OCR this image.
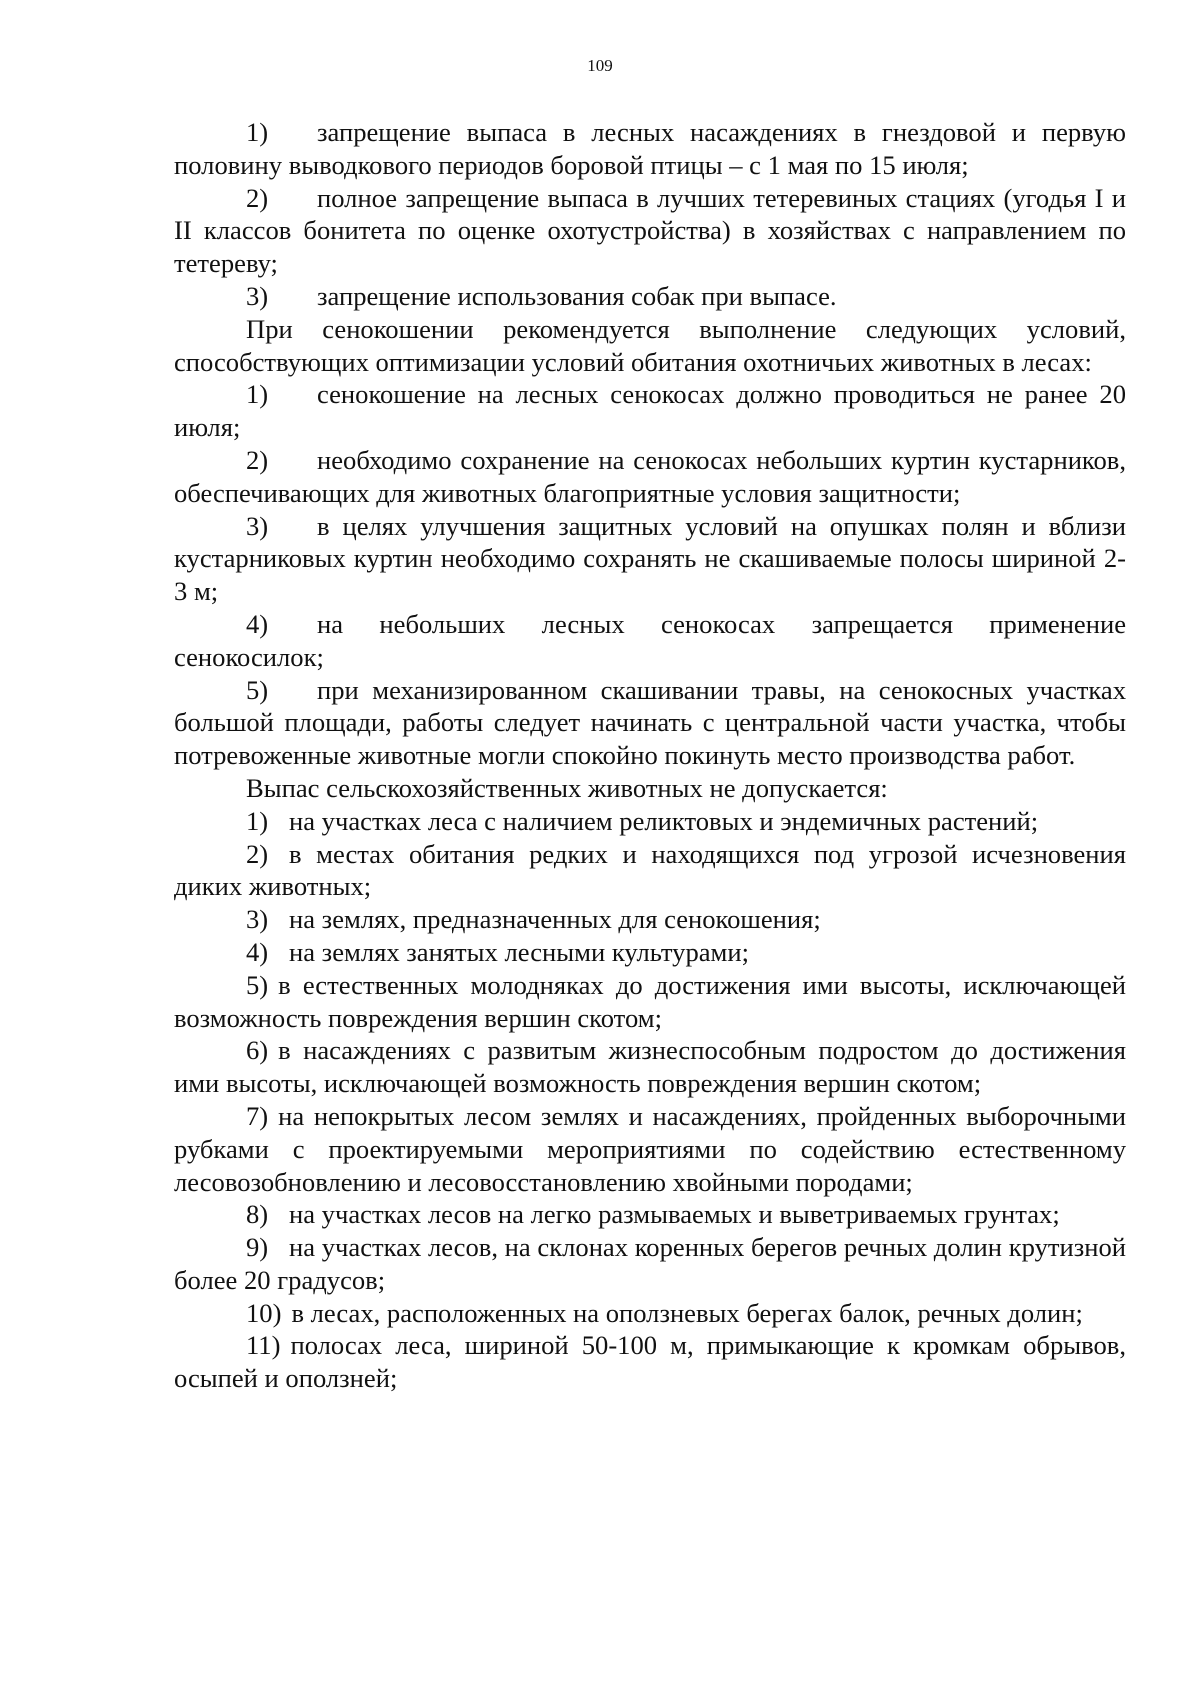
109

1) запрещение выпаса в лесных насаждениях в гнездовой и первую половину выводкового периодов боровой птицы – с 1 мая по 15 июля;

2) полное запрещение выпаса в лучших тетеревиных стациях (угодья I и II классов бонитета по оценке охотустройства) в хозяйствах с направлением по тетереву;

3) запрещение использования собак при выпасе.

При сенокошении рекомендуется выполнение следующих условий, способствующих оптимизации условий обитания охотничьих животных в лесах:

1) сенокошение на лесных сенокосах должно проводиться не ранее 20 июля;

2) необходимо сохранение на сенокосах небольших куртин кустарников, обеспечивающих для животных благоприятные условия защитности;

3) в целях улучшения защитных условий на опушках полян и вблизи кустарниковых куртин необходимо сохранять не скашиваемые полосы шириной 2-3 м;

4) на небольших лесных сенокосах запрещается применение сенокосилок;

5) при механизированном скашивании травы, на сенокосных участках большой площади, работы следует начинать с центральной части участка, чтобы потревоженные животные могли спокойно покинуть место производства работ.

Выпас сельскохозяйственных животных не допускается:

1) на участках леса с наличием реликтовых и эндемичных растений;

2) в местах обитания редких и находящихся под угрозой исчезновения диких животных;

3) на землях, предназначенных для сенокошения;

4) на землях занятых лесными культурами;

5) в естественных молодняках до достижения ими высоты, исключающей возможность повреждения вершин скотом;

6) в насаждениях с развитым жизнеспособным подростом до достижения ими высоты, исключающей возможность повреждения вершин скотом;

7) на непокрытых лесом землях и насаждениях, пройденных выборочными рубками с проектируемыми мероприятиями по содействию естественному лесовозобновлению и лесовосстановлению хвойными породами;

8) на участках лесов на легко размываемых и выветриваемых грунтах;

9) на участках лесов, на склонах коренных берегов речных долин крутизной более 20 градусов;

10) в лесах, расположенных на оползневых берегах балок, речных долин;

11) полосах леса, шириной 50-100 м, примыкающие к кромкам обрывов, осыпей и оползней;
